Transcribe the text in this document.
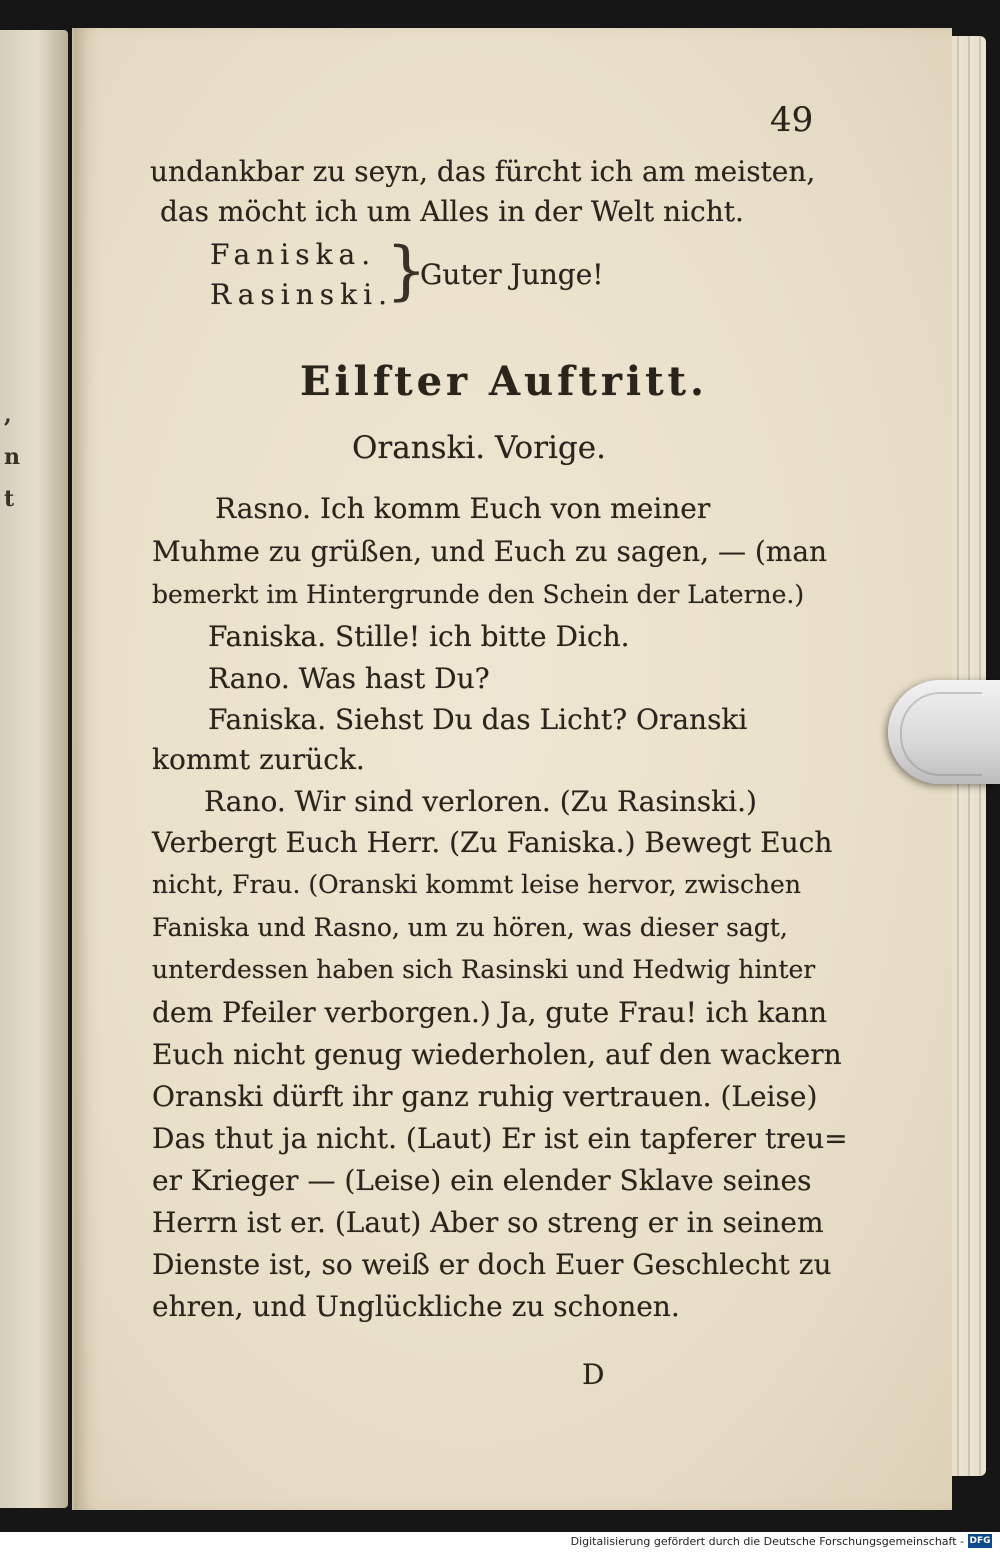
,
n
t
49
undankbar zu seyn, das fürcht ich am meisten,
das möcht ich um Alles in der Welt nicht.
Faniska.
Rasinski.
}
Guter Junge!
Eilfter Auftritt.
Oranski. Vorige.
Rasno. Ich komm Euch von meiner
Muhme zu grüßen, und Euch zu sagen, — (man
bemerkt im Hintergrunde den Schein der Laterne.)
Faniska. Stille! ich bitte Dich.
Rano. Was hast Du?
Faniska. Siehst Du das Licht? Oranski
kommt zurück.
Rano. Wir sind verloren. (Zu Rasinski.)
Verbergt Euch Herr. (Zu Faniska.) Bewegt Euch
nicht, Frau. (Oranski kommt leise hervor, zwischen
Faniska und Rasno, um zu hören, was dieser sagt,
unterdessen haben sich Rasinski und Hedwig hinter
dem Pfeiler verborgen.) Ja, gute Frau! ich kann
Euch nicht genug wiederholen, auf den wackern
Oranski dürft ihr ganz ruhig vertrauen. (Leise)
Das thut ja nicht. (Laut) Er ist ein tapferer treu=
er Krieger — (Leise) ein elender Sklave seines
Herrn ist er. (Laut) Aber so streng er in seinem
Dienste ist, so weiß er doch Euer Geschlecht zu
ehren, und Unglückliche zu schonen.
D
Digitalisierung gefördert durch die Deutsche Forschungsgemeinschaft - DFG
